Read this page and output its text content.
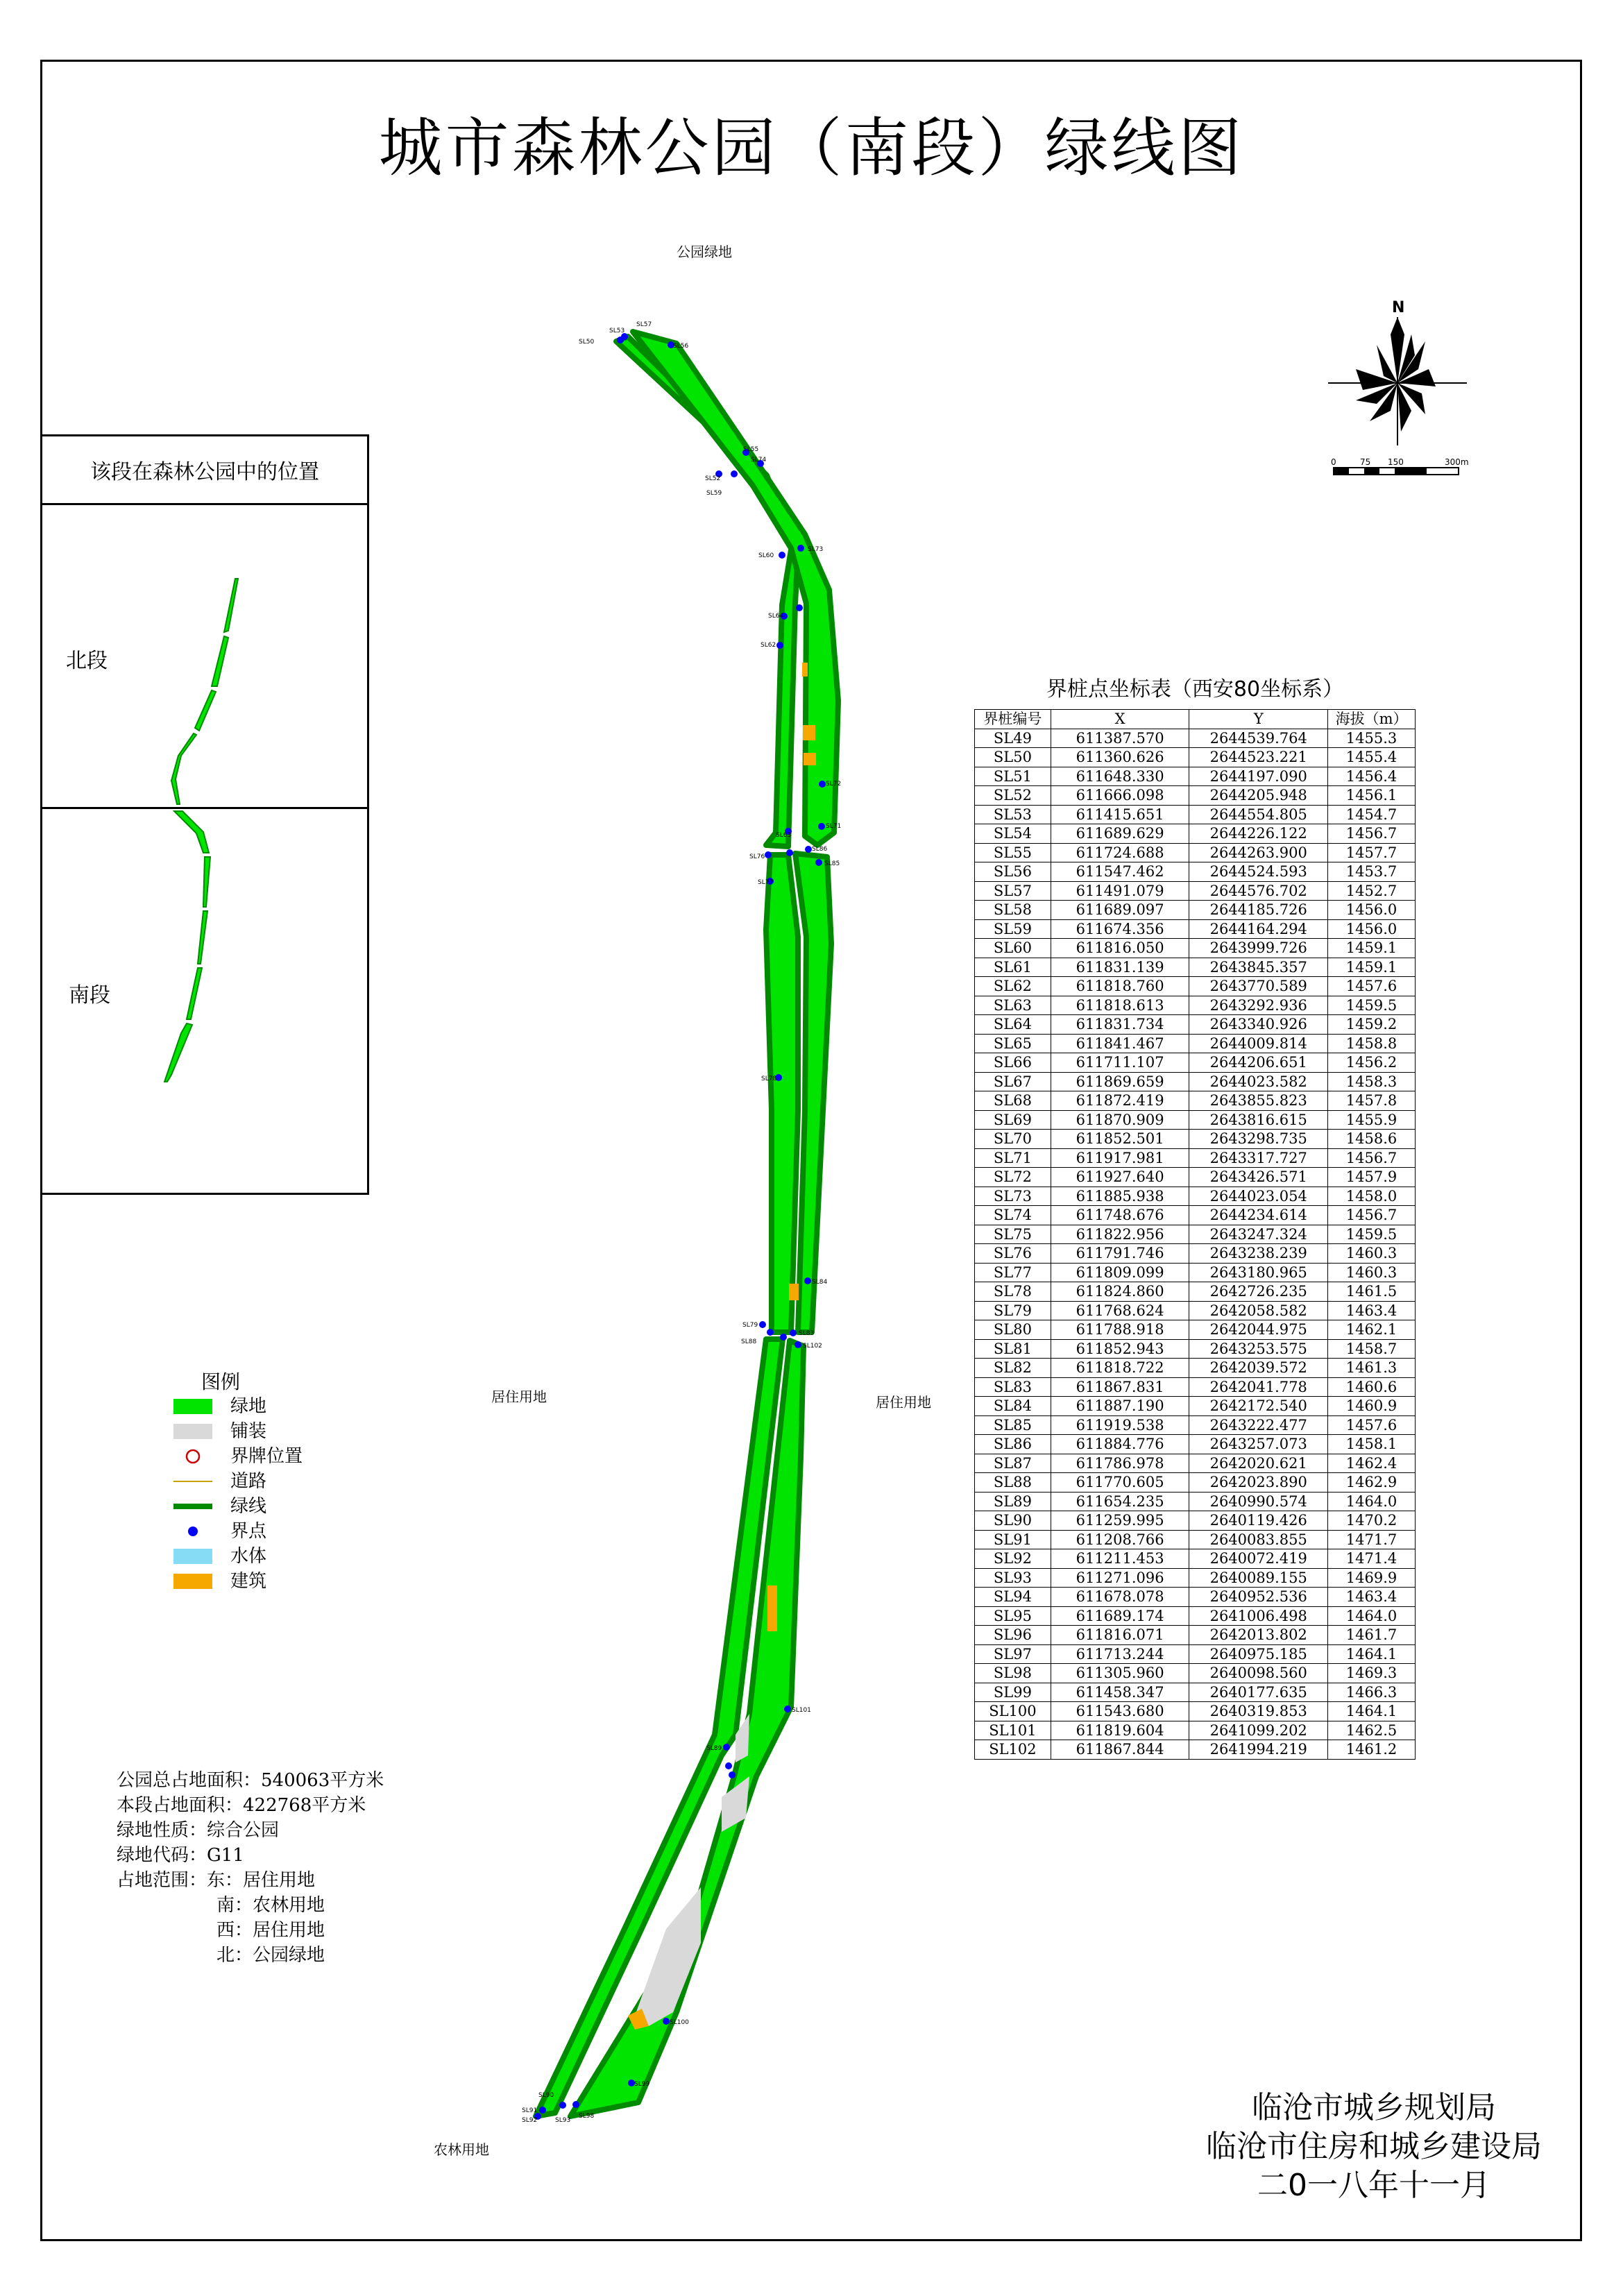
城市森林公园（南段）绿线图
SL53
SL57
SL50
SL56
SL55
SL74
SL52
SL59
SL73
SL60
SL64
SL62
SL72
SL71
SL63
SL76
SL86
SL85
SL77
SL78
SL84
SL79
SL88
SL83
SL102
SL101
SL89
SL100
SL99
SL90
SL91
SL92	SL93
SL98
公园绿地
居住用地	居住用地
农林用地
N
0	75 150	300m
该段在森林公园中的位置
北段
南段
图例
绿地
铺装
界牌位置
道路
绿线
界点
水体
建筑
界桩点坐标表（西安80坐标系）
界桩编号	X	Y	海拔（m）
SL49	611387.570	2644539.764	1455.3
SL50	611360.626	2644523.221	1455.4
SL51	611648.330	2644197.090	1456.4
SL52	611666.098	2644205.948	1456.1
SL53	611415.651	2644554.805	1454.7
SL54	611689.629	2644226.122	1456.7
SL55	611724.688	2644263.900	1457.7
SL56	611547.462	2644524.593	1453.7
SL57	611491.079	2644576.702	1452.7
SL58	611689.097	2644185.726	1456.0
SL59	611674.356	2644164.294	1456.0
SL60	611816.050	2643999.726	1459.1
SL61	611831.139	2643845.357	1459.1
SL62	611818.760	2643770.589	1457.6
SL63	611818.613	2643292.936	1459.5
SL64	611831.734	2643340.926	1459.2
SL65	611841.467	2644009.814	1458.8
SL66	611711.107	2644206.651	1456.2
SL67	611869.659	2644023.582	1458.3
SL68	611872.419	2643855.823	1457.8
SL69	611870.909	2643816.615	1455.9
SL70	611852.501	2643298.735	1458.6
SL71	611917.981	2643317.727	1456.7
SL72	611927.640	2643426.571	1457.9
SL73	611885.938	2644023.054	1458.0
SL74	611748.676	2644234.614	1456.7
SL75	611822.956	2643247.324	1459.5
SL76	611791.746	2643238.239	1460.3
SL77	611809.099	2643180.965	1460.3
SL78	611824.860	2642726.235	1461.5
SL79	611768.624	2642058.582	1463.4
SL80	611788.918	2642044.975	1462.1
SL81	611852.943	2643253.575	1458.7
SL82	611818.722	2642039.572	1461.3
SL83	611867.831	2642041.778	1460.6
SL84	611887.190	2642172.540	1460.9
SL85	611919.538	2643222.477	1457.6
SL86	611884.776	2643257.073	1458.1
SL87	611786.978	2642020.621	1462.4
SL88	611770.605	2642023.890	1462.9
SL89	611654.235	2640990.574	1464.0
SL90	611259.995	2640119.426	1470.2
SL91	611208.766	2640083.855	1471.7
SL92	611211.453	2640072.419	1471.4
SL93	611271.096	2640089.155	1469.9
SL94	611678.078	2640952.536	1463.4
SL95	611689.174	2641006.498	1464.0
SL96	611816.071	2642013.802	1461.7
SL97	611713.244	2640975.185	1464.1
SL98	611305.960	2640098.560	1469.3
SL99	611458.347	2640177.635	1466.3
SL100	611543.680	2640319.853	1464.1
SL101	611819.604	2641099.202	1462.5
SL102	611867.844	2641994.219	1461.2
公园总占地面积：540063平方米
本段占地面积：422768平方米
绿地性质：综合公园
绿地代码：G11
占地范围：东：居住用地
南：农林用地
西：居住用地
北：公园绿地
临沧市城乡规划局
临沧市住房和城乡建设局
二0一八年十一月
